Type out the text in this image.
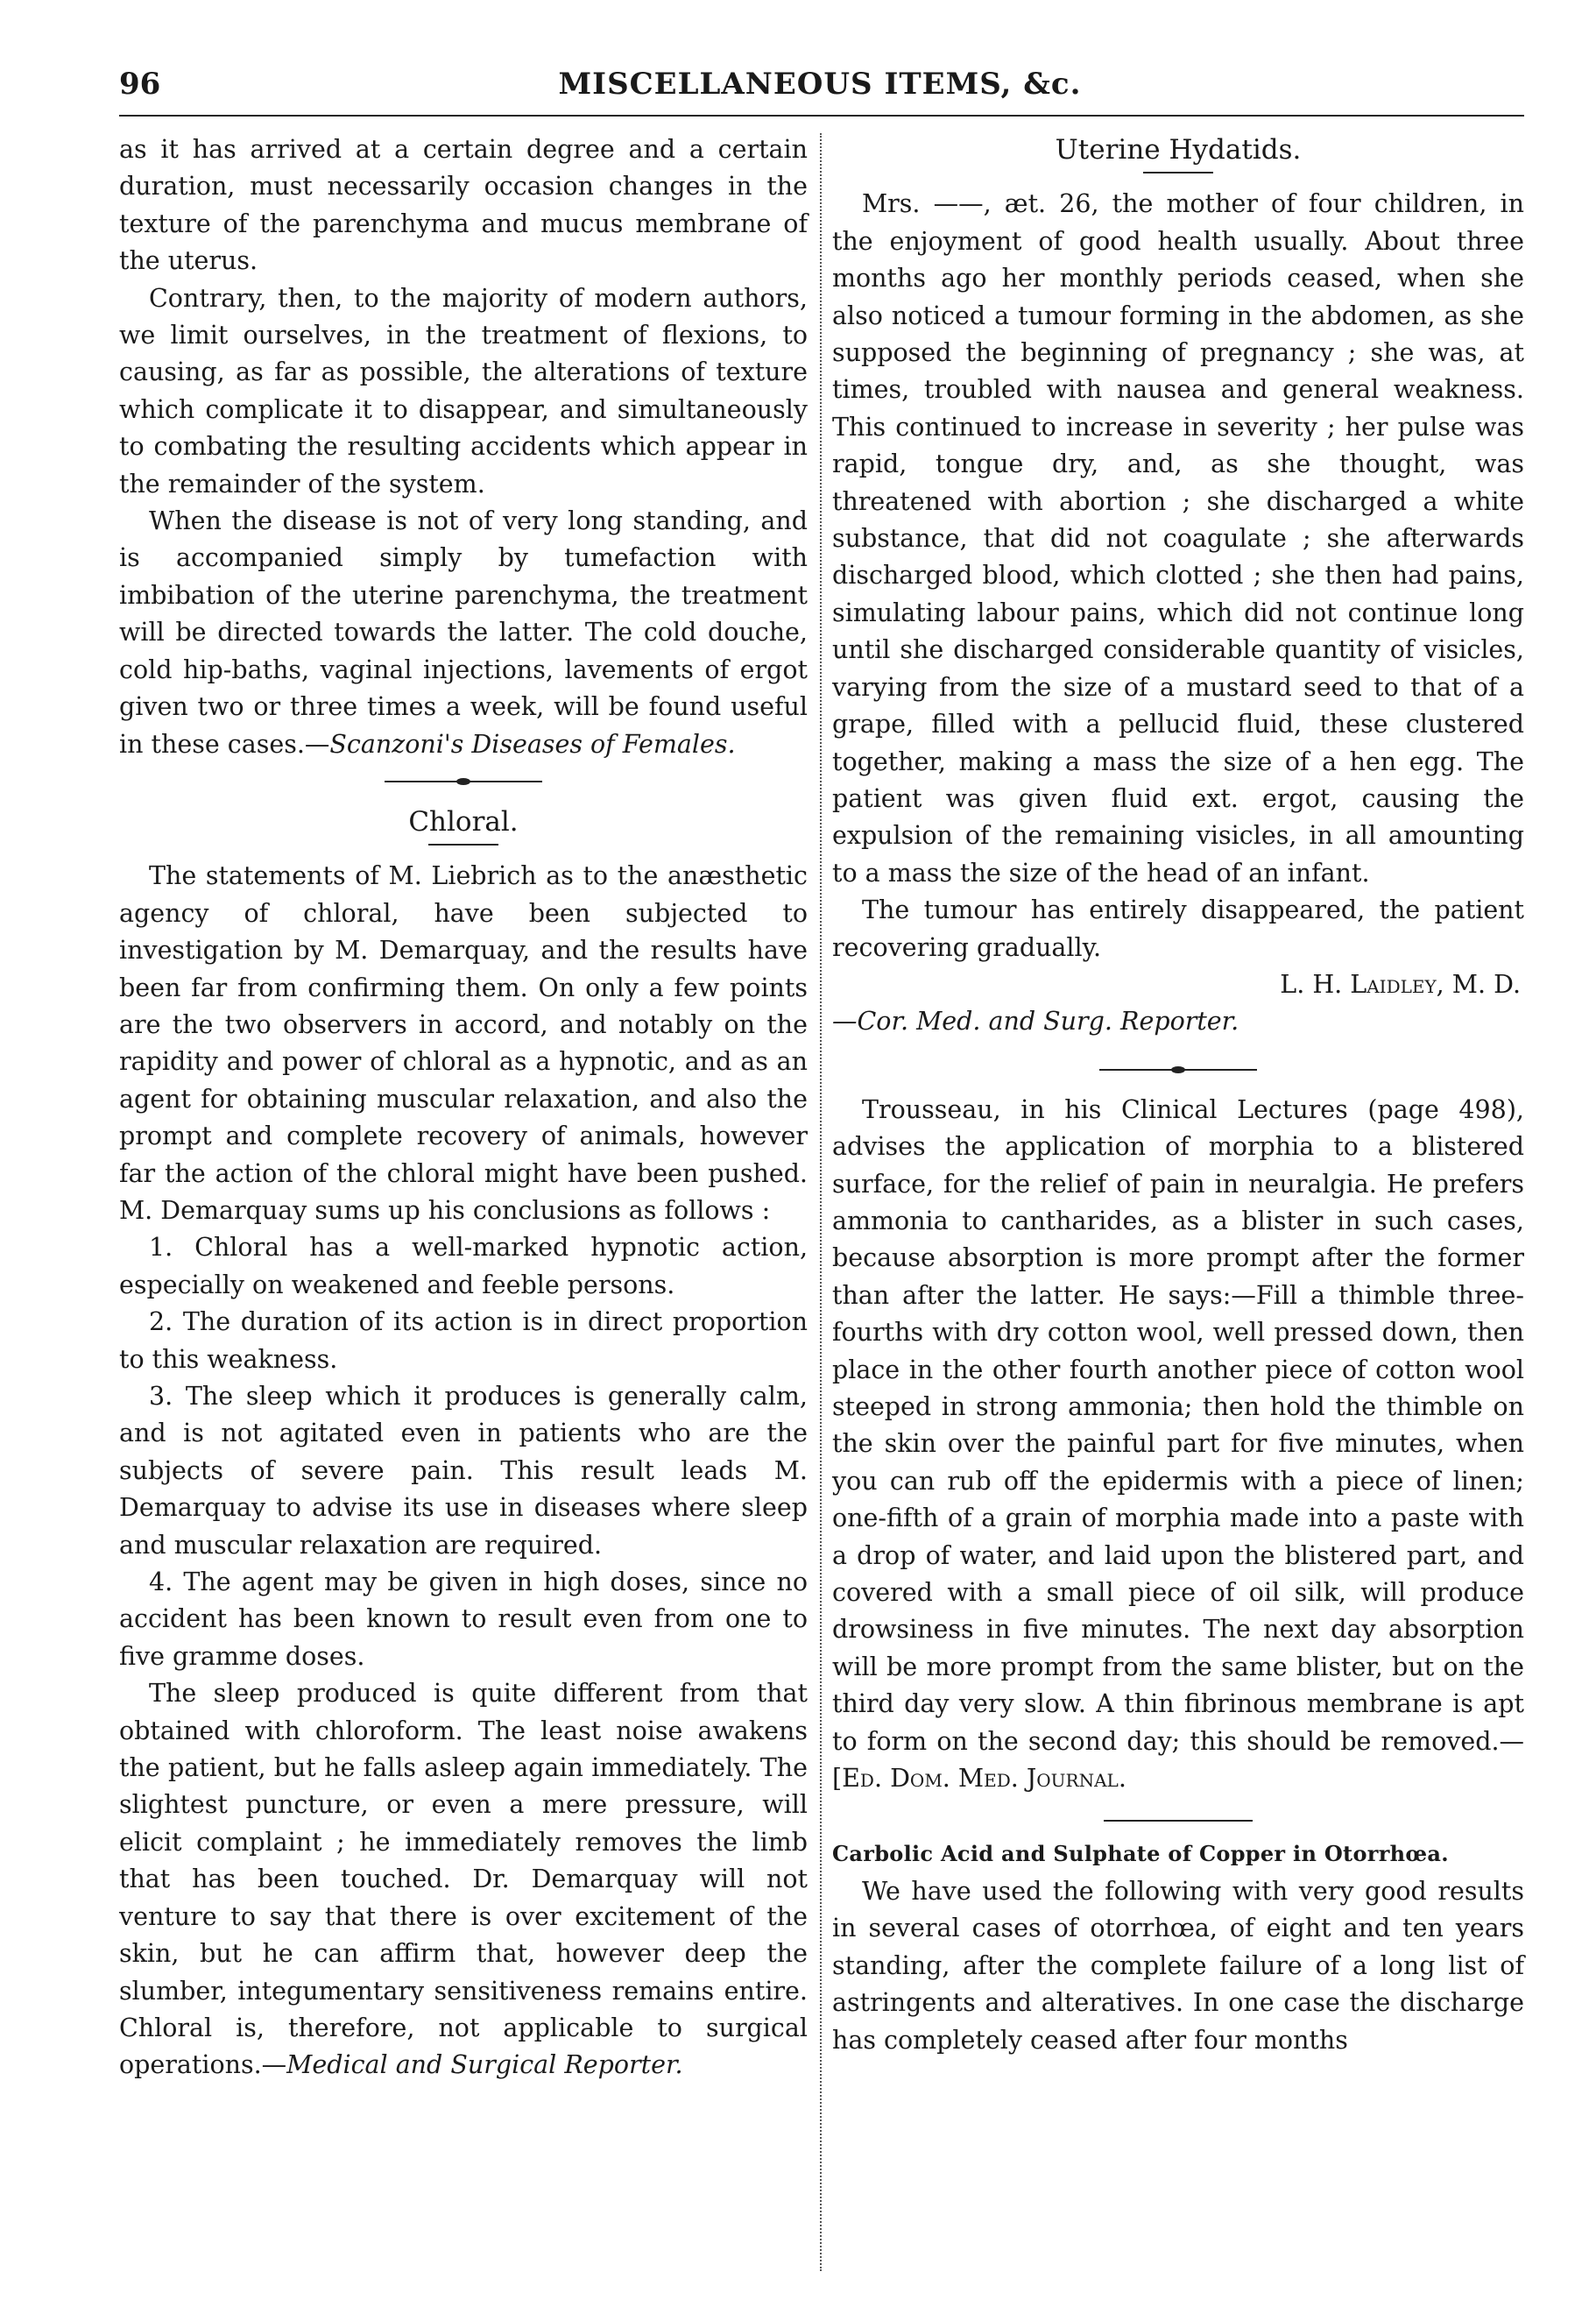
96	MISCELLANEOUS ITEMS, &c.

as it has arrived at a certain degree and a certain duration, must necessarily occasion changes in the texture of the parenchyma and mucus membrane of the uterus.

Contrary, then, to the majority of modern authors, we limit ourselves, in the treatment of flexions, to causing, as far as possible, the alterations of texture which complicate it to disappear, and simultaneously to combating the resulting accidents which appear in the remainder of the system.

When the disease is not of very long standing, and is accompanied simply by tumefaction with imbibation of the uterine parenchyma, the treatment will be directed towards the latter. The cold douche, cold hip-baths, vaginal injections, lavements of ergot given two or three times a week, will be found useful in these cases.—Scanzoni's Diseases of Females.

Chloral.

The statements of M. Liebrich as to the anæsthetic agency of chloral, have been subjected to investigation by M. Demarquay, and the results have been far from confirming them. On only a few points are the two observers in accord, and notably on the rapidity and power of chloral as a hypnotic, and as an agent for obtaining muscular relaxation, and also the prompt and complete recovery of animals, however far the action of the chloral might have been pushed. M. Demarquay sums up his conclusions as follows :

1. Chloral has a well-marked hypnotic action, especially on weakened and feeble persons.

2. The duration of its action is in direct proportion to this weakness.

3. The sleep which it produces is generally calm, and is not agitated even in patients who are the subjects of severe pain. This result leads M. Demarquay to advise its use in diseases where sleep and muscular relaxation are required.

4. The agent may be given in high doses, since no accident has been known to result even from one to five gramme doses.

The sleep produced is quite different from that obtained with chloroform. The least noise awakens the patient, but he falls asleep again immediately. The slightest puncture, or even a mere pressure, will elicit complaint ; he immediately removes the limb that has been touched. Dr. Demarquay will not venture to say that there is over excitement of the skin, but he can affirm that, however deep the slumber, integumentary sensitiveness remains entire. Chloral is, therefore, not applicable to surgical operations.—Medical and Surgical Reporter.

Uterine Hydatids.

Mrs. ——, æt. 26, the mother of four children, in the enjoyment of good health usually. About three months ago her monthly periods ceased, when she also noticed a tumour forming in the abdomen, as she supposed the beginning of pregnancy ; she was, at times, troubled with nausea and general weakness. This continued to increase in severity ; her pulse was rapid, tongue dry, and, as she thought, was threatened with abortion ; she discharged a white substance, that did not coagulate ; she afterwards discharged blood, which clotted ; she then had pains, simulating labour pains, which did not continue long until she discharged considerable quantity of visicles, varying from the size of a mustard seed to that of a grape, filled with a pellucid fluid, these clustered together, making a mass the size of a hen egg. The patient was given fluid ext. ergot, causing the expulsion of the remaining visicles, in all amounting to a mass the size of the head of an infant.

The tumour has entirely disappeared, the patient recovering gradually.

L. H. Laidley, M. D.

—Cor. Med. and Surg. Reporter.

Trousseau, in his Clinical Lectures (page 498), advises the application of morphia to a blistered surface, for the relief of pain in neuralgia. He prefers ammonia to cantharides, as a blister in such cases, because absorption is more prompt after the former than after the latter. He says:—Fill a thimble three-fourths with dry cotton wool, well pressed down, then place in the other fourth another piece of cotton wool steeped in strong ammonia; then hold the thimble on the skin over the painful part for five minutes, when you can rub off the epidermis with a piece of linen; one-fifth of a grain of morphia made into a paste with a drop of water, and laid upon the blistered part, and covered with a small piece of oil silk, will produce drowsiness in five minutes. The next day absorption will be more prompt from the same blister, but on the third day very slow. A thin fibrinous membrane is apt to form on the second day; this should be removed.—[Ed. Dom. Med. Journal.

Carbolic Acid and Sulphate of Copper in Otorrhœa.

We have used the following with very good results in several cases of otorrhœa, of eight and ten years standing, after the complete failure of a long list of astringents and alteratives. In one case the discharge has completely ceased after four months
